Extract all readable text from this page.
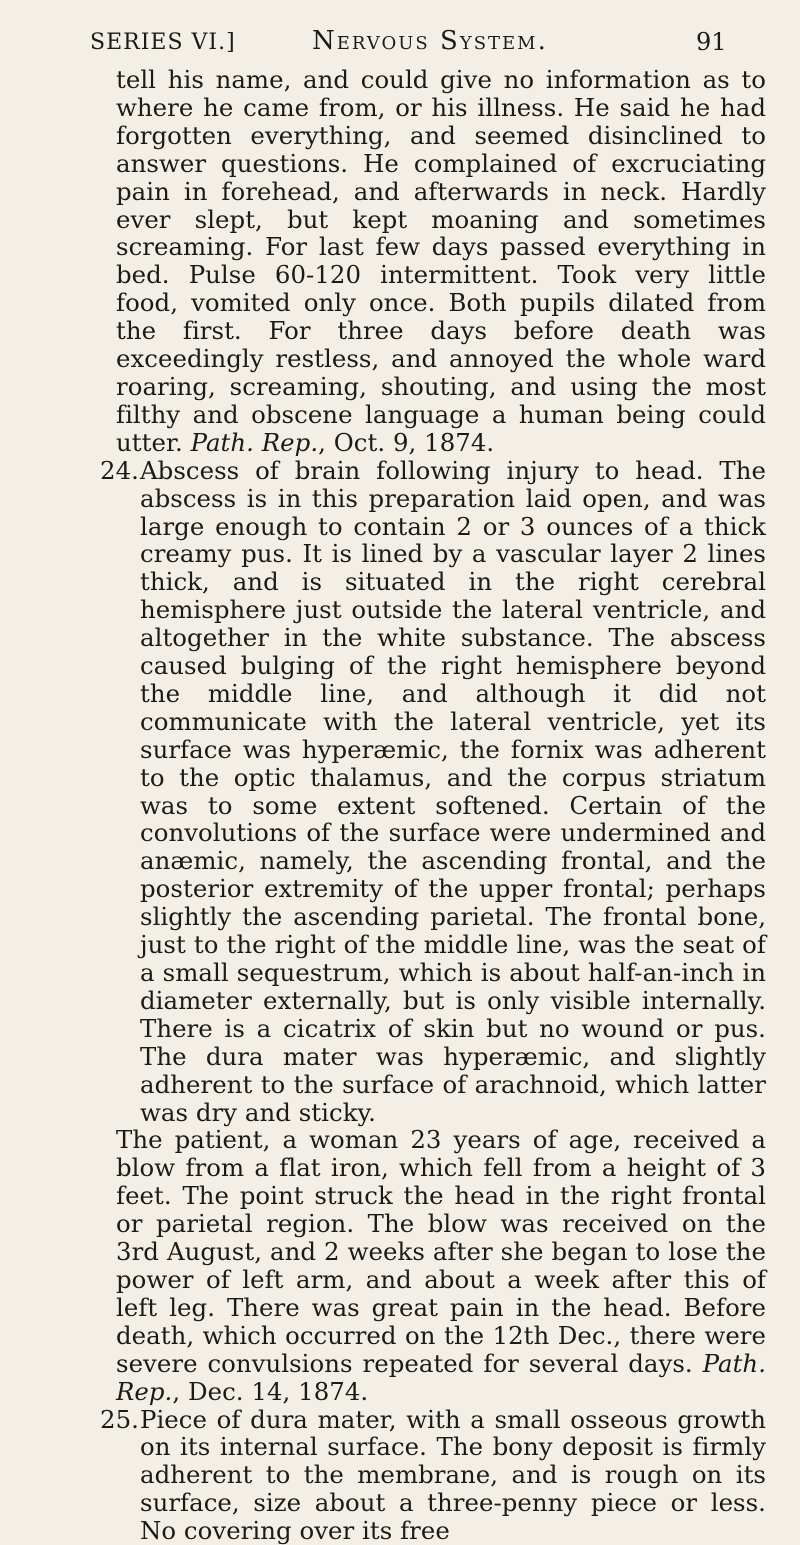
SERIES VI.]	Nervous System.	91

tell his name, and could give no information as to where he came from, or his illness. He said he had forgotten everything, and seemed disinclined to answer questions. He complained of excruciating pain in forehead, and afterwards in neck. Hardly ever slept, but kept moaning and sometimes screaming. For last few days passed everything in bed. Pulse 60-120 intermittent. Took very little food, vomited only once. Both pupils dilated from the first. For three days before death was exceedingly restless, and annoyed the whole ward roaring, screaming, shouting, and using the most filthy and obscene language a human being could utter. Path. Rep., Oct. 9, 1874.

24.Abscess of brain following injury to head. The abscess is in this preparation laid open, and was large enough to contain 2 or 3 ounces of a thick creamy pus. It is lined by a vascular layer 2 lines thick, and is situated in the right cerebral hemisphere just outside the lateral ventricle, and altogether in the white substance. The abscess caused bulging of the right hemisphere beyond the middle line, and although it did not communicate with the lateral ventricle, yet its surface was hyperæmic, the fornix was adherent to the optic thalamus, and the corpus striatum was to some extent softened. Certain of the convolutions of the surface were undermined and anæmic, namely, the ascending frontal, and the posterior extremity of the upper frontal; perhaps slightly the ascending parietal. The frontal bone, just to the right of the middle line, was the seat of a small sequestrum, which is about half-an-inch in diameter externally, but is only visible internally. There is a cicatrix of skin but no wound or pus. The dura mater was hyperæmic, and slightly adherent to the surface of arachnoid, which latter was dry and sticky.

The patient, a woman 23 years of age, received a blow from a flat iron, which fell from a height of 3 feet. The point struck the head in the right frontal or parietal region. The blow was received on the 3rd August, and 2 weeks after she began to lose the power of left arm, and about a week after this of left leg. There was great pain in the head. Before death, which occurred on the 12th Dec., there were severe convulsions repeated for several days. Path. Rep., Dec. 14, 1874.

25.Piece of dura mater, with a small osseous growth on its internal surface. The bony deposit is firmly adherent to the membrane, and is rough on its surface, size about a three-penny piece or less. No covering over its free
